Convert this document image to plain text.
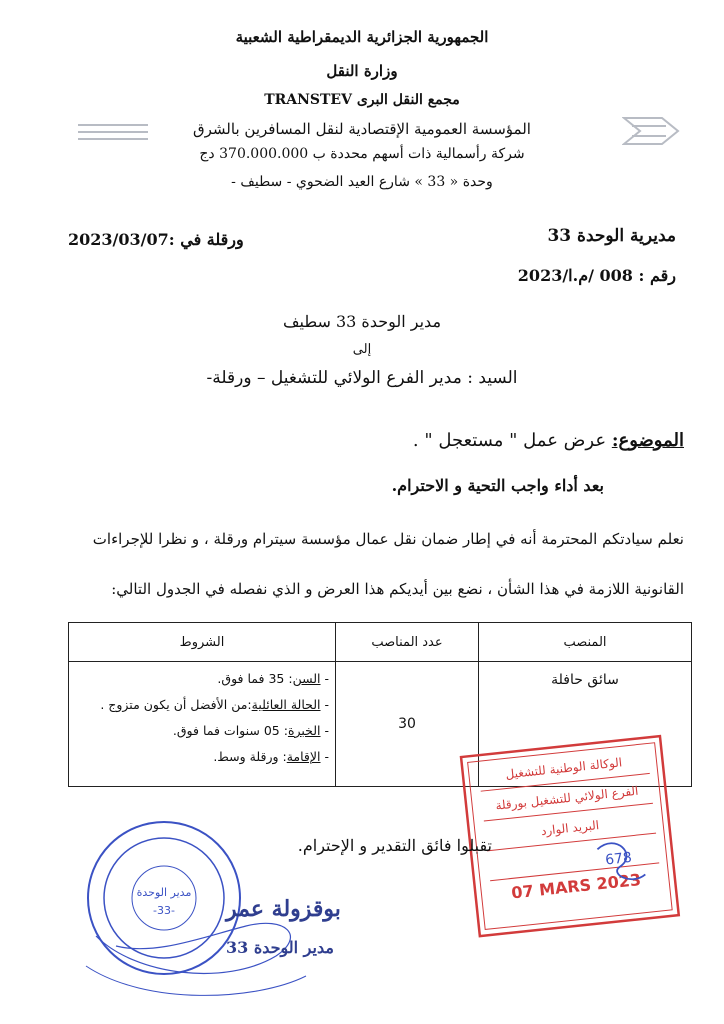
الجمهورية الجزائرية الديمقراطية الشعبية
وزارة النقل
مجمع النقل البرى TRANSTEV
المؤسسة العمومية الإقتصادية لنقل المسافرين بالشرق
شركة رأسمالية ذات أسهم محددة ب 370.000.000 دج
وحدة « 33 » شارع العيد الضحوي - سطيف -
مديرية الوحدة 33
ورقلة في :2023/03/07
رقم : 008 /م.ا/2023
مدير الوحدة 33 سطيف
إلى
السيد : مدير الفرع الولائي للتشغيل – ورقلة-
الموضوع: عرض عمل " مستعجل " .
بعد أداء واجب التحية و الاحترام.
نعلم سيادتكم المحترمة أنه في إطار ضمان نقل عمال مؤسسة سيترام ورقلة ، و نظرا للإجراءات
القانونية اللازمة في هذا الشأن ، نضع بين أيديكم هذا العرض و الذي نفصله في الجدول التالي:
المنصب	عدد المناصب	الشروط
سائق حافلة	30	- السن: 35 فما فوق.
- الحالة العائلية:من الأفضل أن يكون متزوج .
- الخبرة: 05 سنوات فما فوق.
- الإقامة: ورقلة وسط.	الوكالة الوطنية للتشغيل
الفرع الولائي للتشغيل بورقلة
البريد الوارد
07 MARS 2023
678
تقبلوا فائق التقدير و الإحترام.
مدير الوحدة
-33- بوقزولة عمر
مدير الوحدة 33
